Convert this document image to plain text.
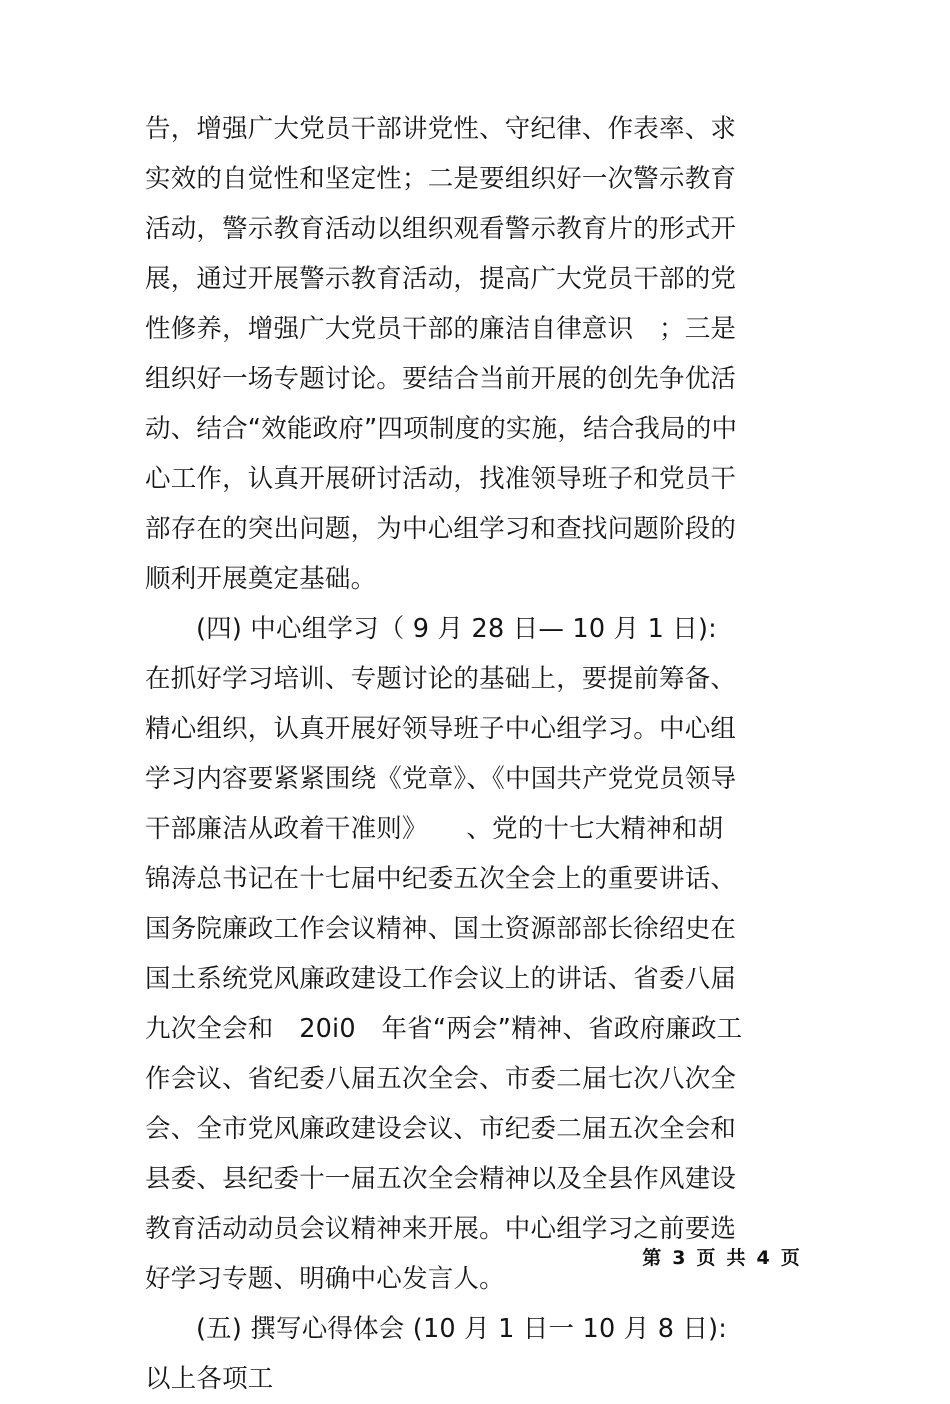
告，增强广大党员干部讲党性、守纪律、作表率、求实效的自觉性和坚定性；二是要组织好一次警示教育活动，警示教育活动以组织观看警示教育片的形式开展，通过开展警示教育活动，提高广大党员干部的党性修养，增强广大党员干部的廉洁自律意识　；三是组织好一场专题讨论。要结合当前开展的创先争优活动、结合“效能政府”四项制度的实施，结合我局的中心工作，认真开展研讨活动，找准领导班子和党员干部存在的突出问题，为中心组学习和查找问题阶段的顺利开展奠定基础。

(四) 中心组学习（ 9 月 28 日— 10 月 1 日): 在抓好学习培训、专题讨论的基础上，要提前筹备、精心组织，认真开展好领导班子中心组学习。中心组学习内容要紧紧围绕《党章》、《中国共产党党员领导干部廉洁从政着干准则》　　、党的十七大精神和胡锦涛总书记在十七届中纪委五次全会上的重要讲话、国务院廉政工作会议精神、国土资源部部长徐绍史在国土系统党风廉政建设工作会议上的讲话、省委八届九次全会和　20i0　年省“两会”精神、省政府廉政工作会议、省纪委八届五次全会、市委二届七次八次全会、全市党风廉政建设会议、市纪委二届五次全会和县委、县纪委十一届五次全会精神以及全县作风建设教育活动动员会议精神来开展。中心组学习之前要选好学习专题、明确中心发言人。

(五) 撰写心得体会 (10 月 1 日一 10 月 8 日): 以上各项工

第 3 页 共 4 页
